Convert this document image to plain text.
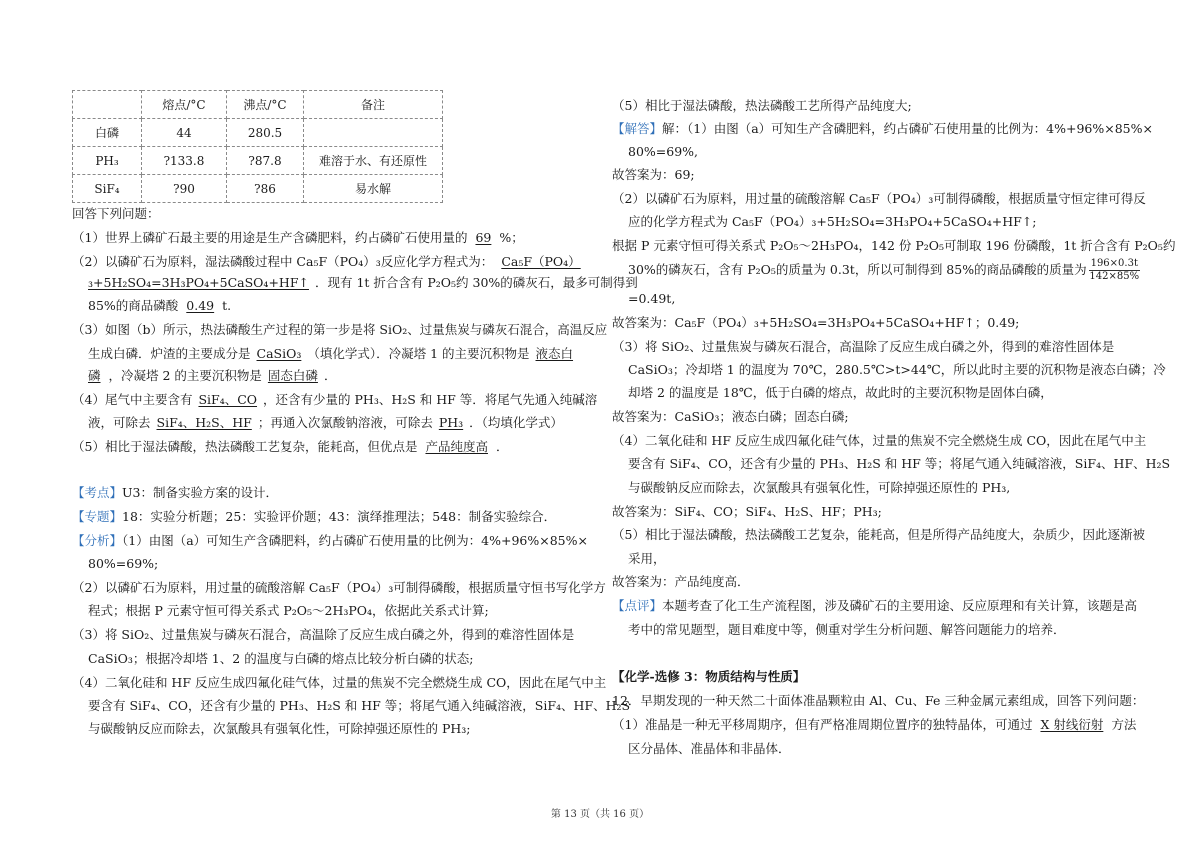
	熔点/°C	沸点/°C	备注
白磷	44	280.5	
PH₃	?133.8	?87.8	难溶于水、有还原性
SiF₄	?90	?86	易水解
回答下列问题：
（1）世界上磷矿石最主要的用途是生产含磷肥料，约占磷矿石使用量的 69 %；
（2）以磷矿石为原料，湿法磷酸过程中 Ca₅F（PO₄）₃反应化学方程式为： Ca₅F（PO₄）
₃+5H₂SO₄=3H₃PO₄+5CaSO₄+HF↑ ．现有 1t 折合含有 P₂O₅约 30%的磷灰石，最多可制得到
85%的商品磷酸 0.49 t.
（3）如图（b）所示，热法磷酸生产过程的第一步是将 SiO₂、过量焦炭与磷灰石混合，高温反应
生成白磷．炉渣的主要成分是 CaSiO₃ （填化学式）．冷凝塔 1 的主要沉积物是 液态白
磷 ，冷凝塔 2 的主要沉积物是 固态白磷 ．
（4）尾气中主要含有 SiF₄、CO ，还含有少量的 PH₃、H₂S 和 HF 等．将尾气先通入纯碱溶
液，可除去 SiF₄、H₂S、HF ；再通入次氯酸钠溶液，可除去 PH₃ ．（均填化学式）
（5）相比于湿法磷酸，热法磷酸工艺复杂，能耗高，但优点是 产品纯度高 ．
【考点】U3：制备实验方案的设计．
【专题】18：实验分析题；25：实验评价题；43：演绎推理法；548：制备实验综合．
【分析】（1）由图（a）可知生产含磷肥料，约占磷矿石使用量的比例为：4%+96%×85%×
80%=69%;
（2）以磷矿石为原料，用过量的硫酸溶解 Ca₅F（PO₄）₃可制得磷酸，根据质量守恒书写化学方
程式；根据 P 元素守恒可得关系式 P₂O₅～2H₃PO₄，依据此关系式计算;
（3）将 SiO₂、过量焦炭与磷灰石混合，高温除了反应生成白磷之外，得到的难溶性固体是
CaSiO₃；根据冷却塔 1、2 的温度与白磷的熔点比较分析白磷的状态;
（4）二氧化硅和 HF 反应生成四氟化硅气体，过量的焦炭不完全燃烧生成 CO，因此在尾气中主
要含有 SiF₄、CO，还含有少量的 PH₃、H₂S 和 HF 等；将尾气通入纯碱溶液，SiF₄、HF、H₂S
与碳酸钠反应而除去，次氯酸具有强氧化性，可除掉强还原性的 PH₃;
（5）相比于湿法磷酸，热法磷酸工艺所得产品纯度大;
【解答】解：（1）由图（a）可知生产含磷肥料，约占磷矿石使用量的比例为：4%+96%×85%×
80%=69%,
故答案为：69;
（2）以磷矿石为原料，用过量的硫酸溶解 Ca₅F（PO₄）₃可制得磷酸，根据质量守恒定律可得反
应的化学方程式为 Ca₅F（PO₄）₃+5H₂SO₄=3H₃PO₄+5CaSO₄+HF↑;
根据 P 元素守恒可得关系式 P₂O₅～2H₃PO₄，142 份 P₂O₅可制取 196 份磷酸，1t 折合含有 P₂O₅约
30%的磷灰石，含有 P₂O₅的质量为 0.3t，所以可制得到 85%的商品磷酸的质量为 $\frac{196\times 0.3t}{142\times 85\%}$
=0.49t,
故答案为：Ca₅F（PO₄）₃+5H₂SO₄=3H₃PO₄+5CaSO₄+HF↑；0.49;
（3）将 SiO₂、过量焦炭与磷灰石混合，高温除了反应生成白磷之外，得到的难溶性固体是
CaSiO₃；冷却塔 1 的温度为 70℃，280.5℃>t>44℃，所以此时主要的沉积物是液态白磷；冷
却塔 2 的温度是 18℃，低于白磷的熔点，故此时的主要沉积物是固体白磷，
故答案为：CaSiO₃；液态白磷；固态白磷;
（4）二氧化硅和 HF 反应生成四氟化硅气体，过量的焦炭不完全燃烧生成 CO，因此在尾气中主
要含有 SiF₄、CO，还含有少量的 PH₃、H₂S 和 HF 等；将尾气通入纯碱溶液，SiF₄、HF、H₂S
与碳酸钠反应而除去，次氯酸具有强氧化性，可除掉强还原性的 PH₃,
故答案为：SiF₄、CO；SiF₄、H₂S、HF；PH₃;
（5）相比于湿法磷酸，热法磷酸工艺复杂，能耗高，但是所得产品纯度大，杂质少，因此逐渐被
采用，
故答案为：产品纯度高．
【点评】本题考查了化工生产流程图，涉及磷矿石的主要用途、反应原理和有关计算，该题是高
考中的常见题型，题目难度中等，侧重对学生分析问题、解答问题能力的培养．
【化学-选修 3：物质结构与性质】
12．早期发现的一种天然二十面体准晶颗粒由 Al、Cu、Fe 三种金属元素组成，回答下列问题：
（1）准晶是一种无平移周期序，但有严格准周期位置序的独特晶体，可通过 X 射线衍射 方法
区分晶体、准晶体和非晶体．
第 13 页（共 16 页）
